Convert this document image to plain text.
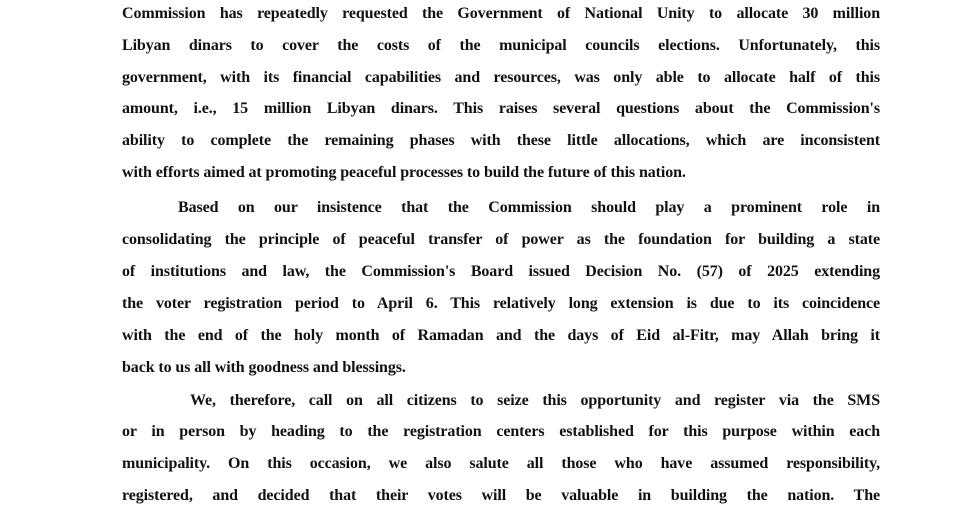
Commission has repeatedly requested the Government of National Unity to allocate 30 million
Libyan dinars to cover the costs of the municipal councils elections. Unfortunately, this
government, with its financial capabilities and resources, was only able to allocate half of this
amount, i.e., 15 million Libyan dinars. This raises several questions about the Commission's
ability to complete the remaining phases with these little allocations, which are inconsistent
with efforts aimed at promoting peaceful processes to build the future of this nation.
Based on our insistence that the Commission should play a prominent role in
consolidating the principle of peaceful transfer of power as the foundation for building a state
of institutions and law, the Commission's Board issued Decision No. (57) of 2025 extending
the voter registration period to April 6. This relatively long extension is due to its coincidence
with the end of the holy month of Ramadan and the days of Eid al-Fitr, may Allah bring it
back to us all with goodness and blessings.
We, therefore, call on all citizens to seize this opportunity and register via the SMS
or in person by heading to the registration centers established for this purpose within each
municipality. On this occasion, we also salute all those who have assumed responsibility,
registered, and decided that their votes will be valuable in building the nation. The
